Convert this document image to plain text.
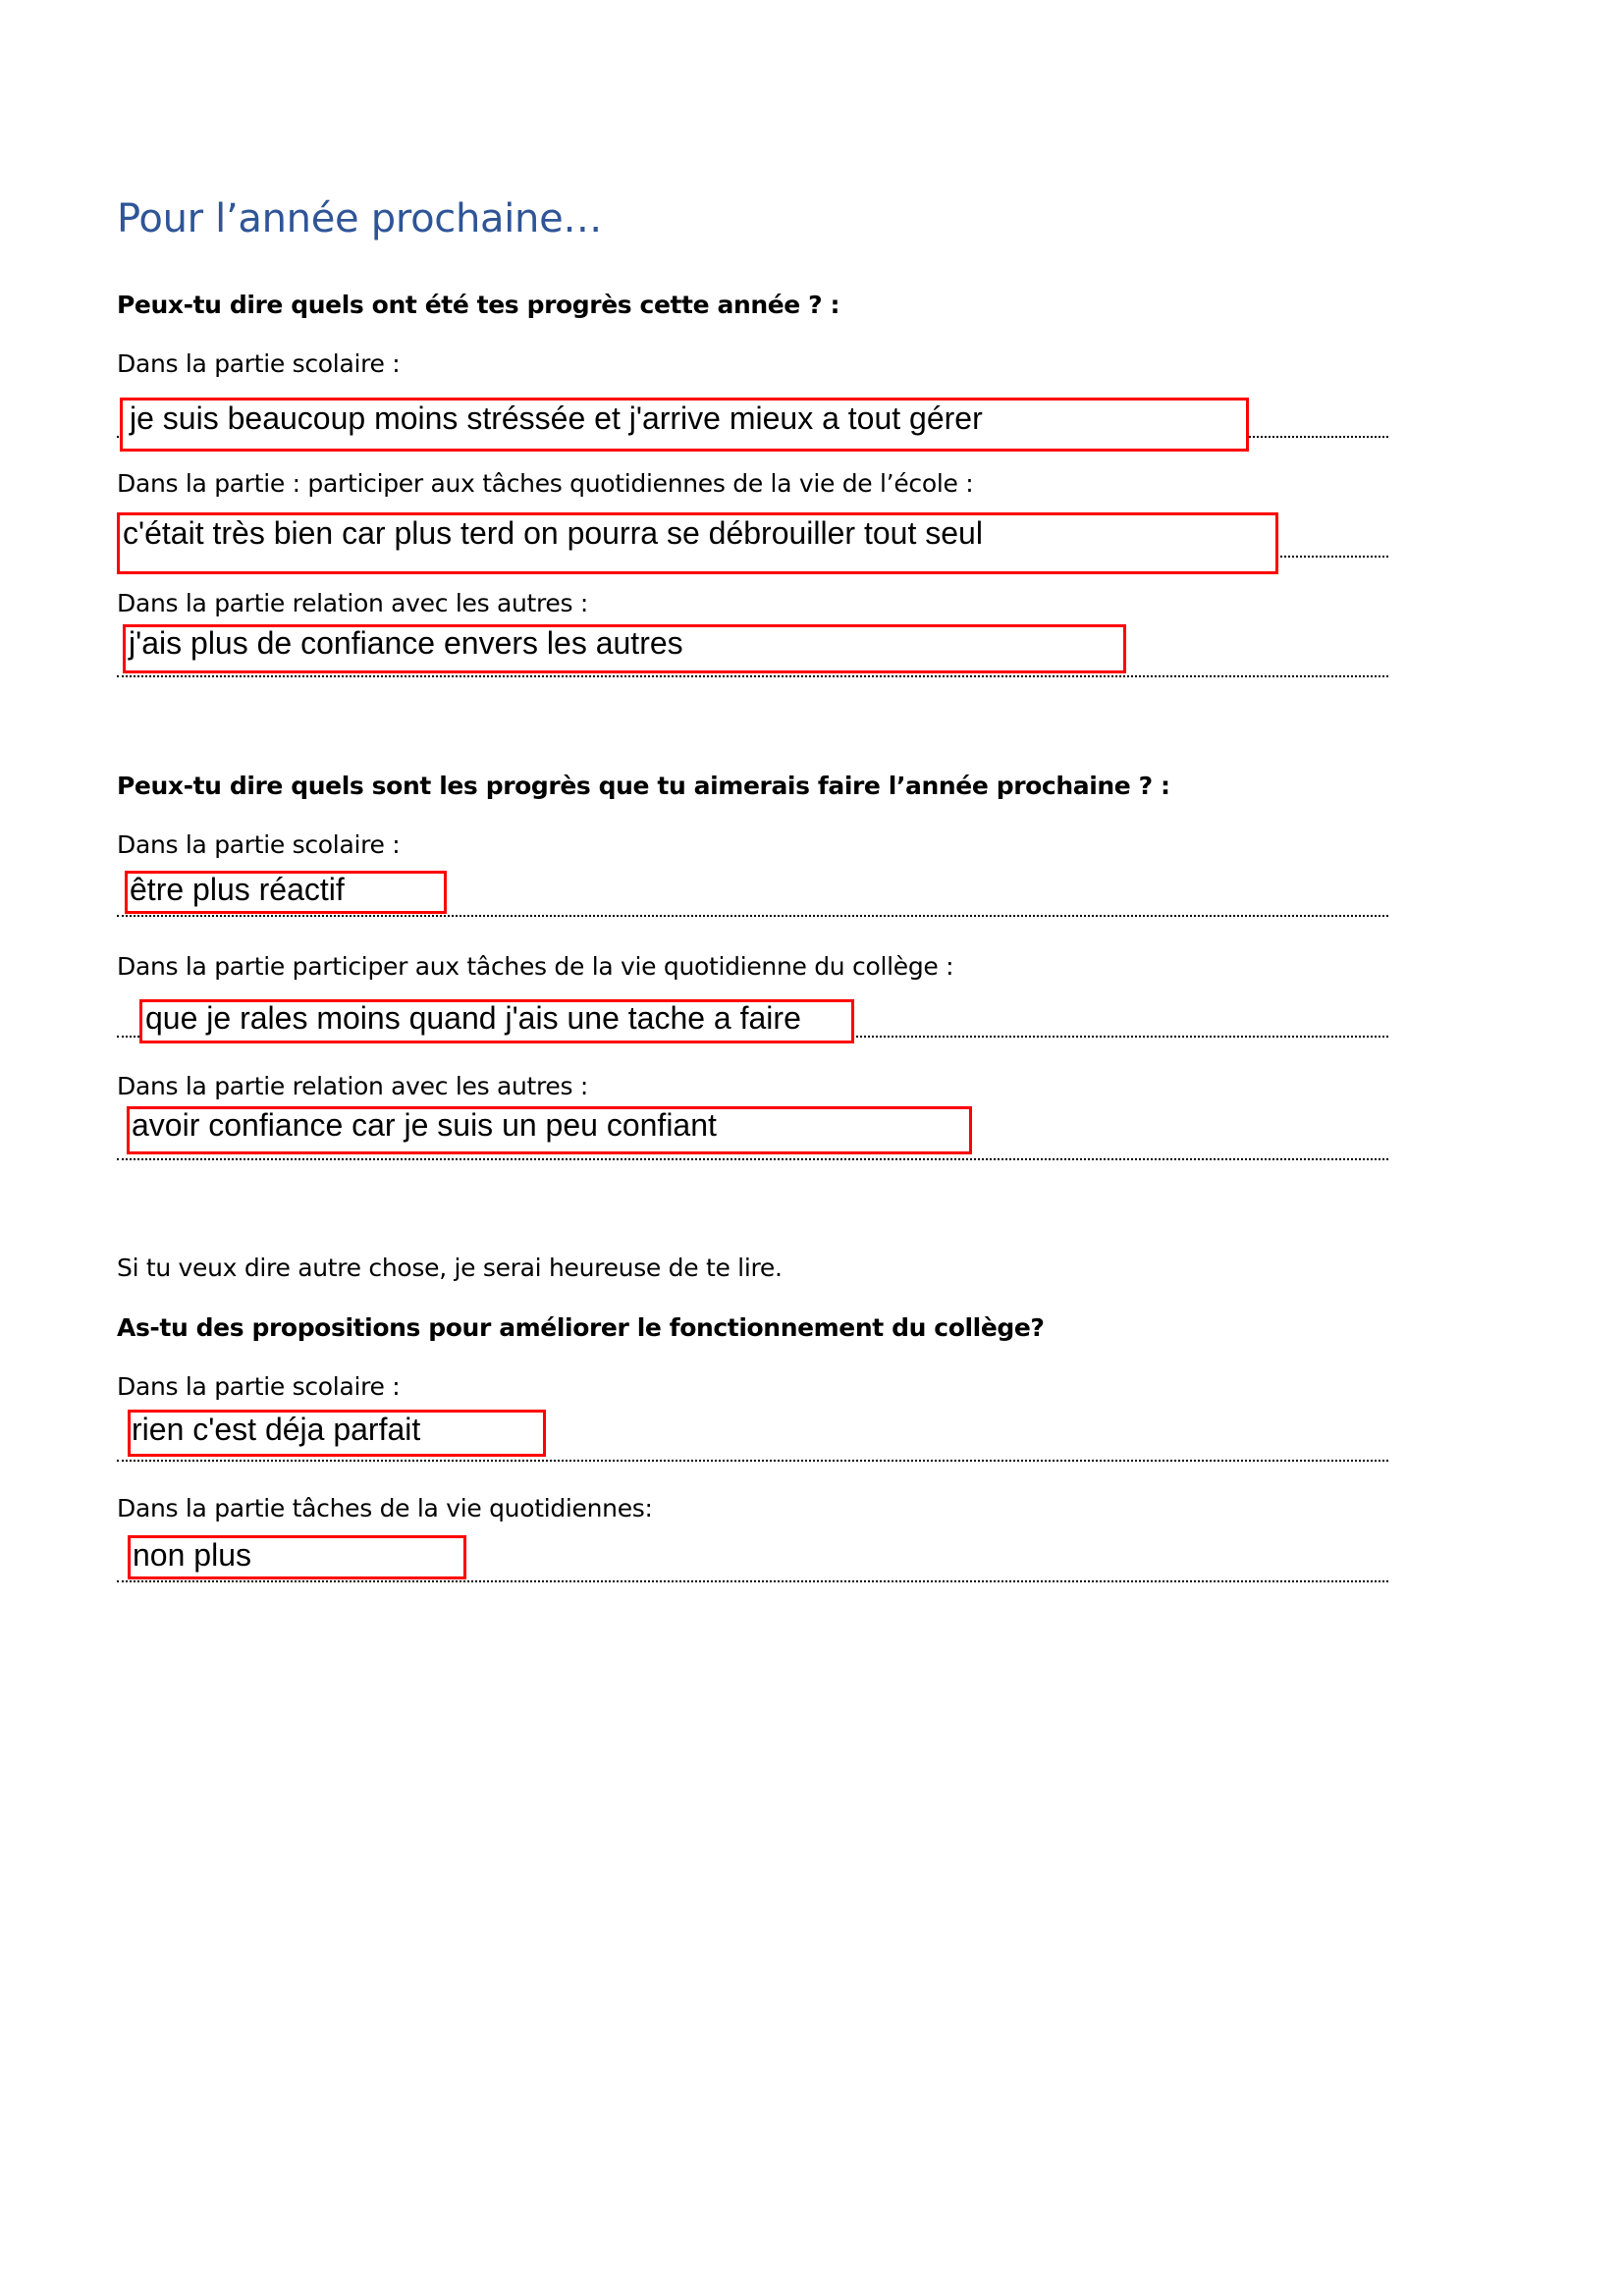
Pour l’année prochaine…
Peux-tu dire quels ont été tes progrès cette année ? :
Dans la partie scolaire :
je suis beaucoup moins stréssée et j'arrive mieux a tout gérer
Dans la partie : participer aux tâches quotidiennes de la vie de l’école :
c'était très bien car plus terd on pourra se débrouiller tout seul
Dans la partie relation avec les autres :
j'ais plus de confiance envers les autres
Peux-tu dire quels sont les progrès que tu aimerais faire l’année prochaine ? :
Dans la partie scolaire :
être plus réactif
Dans la partie participer aux tâches de la vie quotidienne du collège :
que je rales moins quand j'ais une tache a faire
Dans la partie relation avec les autres :
avoir confiance car je suis un peu confiant
Si tu veux dire autre chose, je serai heureuse de te lire.
As-tu des propositions pour améliorer le fonctionnement du collège?
Dans la partie scolaire :
rien c'est déja parfait
Dans la partie tâches de la vie quotidiennes:
non plus
